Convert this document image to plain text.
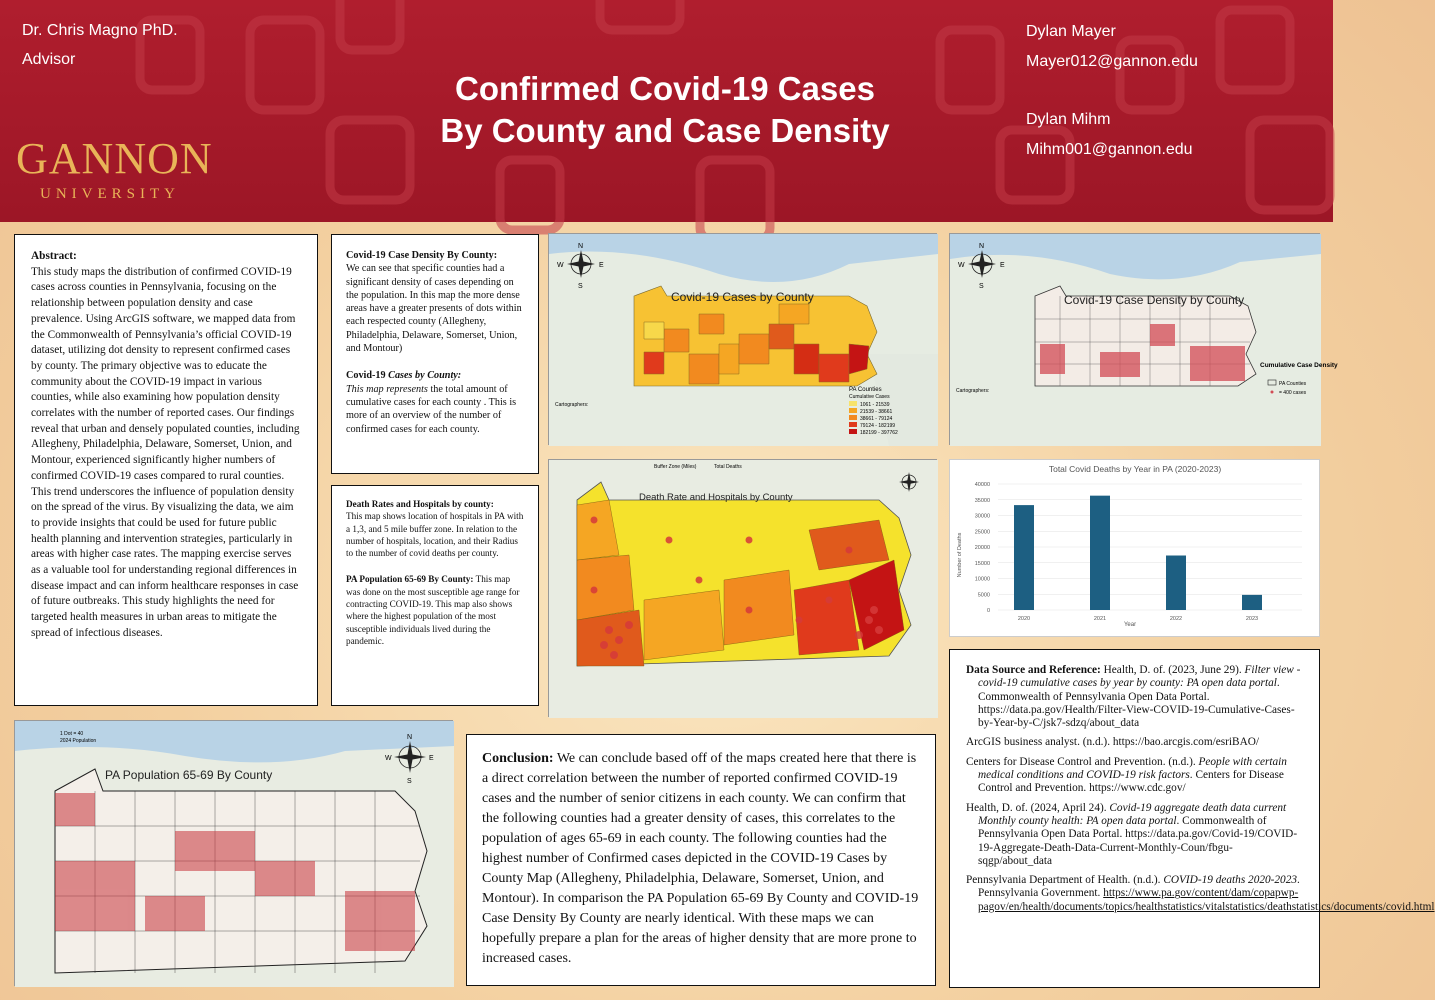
Dr. Chris Magno PhD.
Advisor
GANNON
UNIVERSITY
Confirmed Covid-19 Cases
By County and Case Density
Dylan Mayer
Mayer012@gannon.edu
Dylan Mihm
Mihm001@gannon.edu

Abstract:

This study maps the distribution of confirmed COVID-19 cases across counties in Pennsylvania, focusing on the relationship between population density and case prevalence. Using ArcGIS software, we mapped data from the Commonwealth of Pennsylvania’s official COVID-19 dataset, utilizing dot density to represent confirmed cases by county. The primary objective was to educate the community about the COVID-19 impact in various counties, while also examining how population density correlates with the number of reported cases. Our findings reveal that urban and densely populated counties, including Allegheny, Philadelphia, Delaware, Somerset, Union, and Montour, experienced significantly higher numbers of confirmed COVID-19 cases compared to rural counties. This trend underscores the influence of population density on the spread of the virus. By visualizing the data, we aim to provide insights that could be used for future public health planning and intervention strategies, particularly in areas with higher case rates. The mapping exercise serves as a valuable tool for understanding regional differences in disease impact and can inform healthcare responses in case of future outbreaks. This study highlights the need for targeted health measures in urban areas to mitigate the spread of infectious diseases.

Covid-19 Case Density By County:

We can see that specific counties had a significant density of cases depending on the population. In this map the more dense areas have a greater presents of dots within each respected county (Allegheny, Philadelphia, Delaware, Somerset, Union, and Montour)

Covid-19 Cases by County:

This map represents the total amount of cumulative cases for each county . This is more of an overview of the number of confirmed cases for each county.

Death Rates and Hospitals by county:

This map shows location of hospitals in PA with a 1,3, and 5 mile buffer zone. In relation to the number of hospitals, location, and their Radius to the number of covid deaths per county.

PA Population 65-69 By County: This map was done on the most susceptible age range for contracting COVID-19. This map also shows where the highest population of the most susceptible individuals lived during the pandemic.

Covid-19 Cases by County
N
S
E
W
PA Counties
Cumulative Cases
1061 - 21539
21539 - 38661
38661 - 79124
79124 - 182199
182199 - 397762
Cartographers:
Covid-19 Case Density by County
N
S
E
W
Cumulative Case Density
PA Counties
= 400 cases
Cartographers:
Death Rate and Hospitals by County
Buffer Zone (Miles)	Total Deaths	Total Covid Deaths by Year in PA (2020-2023)
Number of Deaths
Year
40000
35000
30000
25000
20000
15000
10000
5000
0
2020	2021	2022	2023

Data Source and Reference: Health, D. of. (2023, June 29). Filter view - covid-19 cumulative cases by year by county: PA open data portal. Commonwealth of Pennsylvania Open Data Portal. https://data.pa.gov/Health/Filter-View-COVID-19-Cumulative-Cases-by-Year-by-C/jsk7-sdzq/about_data

ArcGIS business analyst. (n.d.). https://bao.arcgis.com/esriBAO/

Centers for Disease Control and Prevention. (n.d.). People with certain medical conditions and COVID-19 risk factors. Centers for Disease Control and Prevention. https://www.cdc.gov/

Health, D. of. (2024, April 24). Covid-19 aggregate death data current Monthly county health: PA open data portal. Commonwealth of Pennsylvania Open Data Portal. https://data.pa.gov/Covid-19/COVID-19-Aggregate-Death-Data-Current-Monthly-Coun/fbgu-sqgp/about_data

Pennsylvania Department of Health. (n.d.). COVID-19 deaths 2020-2023. Pennsylvania Government. https://www.pa.gov/content/dam/copapwp-pagov/en/health/documents/topics/healthstatistics/vitalstatistics/deathstatistics/documents/covid.html

PA Population 65-69 By County
1 Dot = 40
2024 Population	N
S
E
W	Conclusion: We can conclude based off of the maps created here that there is a direct correlation between the number of reported confirmed COVID-19 cases and the number of senior citizens in each county. We can confirm that the following counties had a greater density of cases, this correlates to the population of ages 65-69 in each county. The following counties had the highest number of Confirmed cases depicted in the COVID-19 Cases by County Map (Allegheny, Philadelphia, Delaware, Somerset, Union, and Montour). In comparison the PA Population 65-69 By County and COVID-19 Case Density By County are nearly identical. With these maps we can hopefully prepare a plan for the areas of higher density that are more prone to increased cases.
